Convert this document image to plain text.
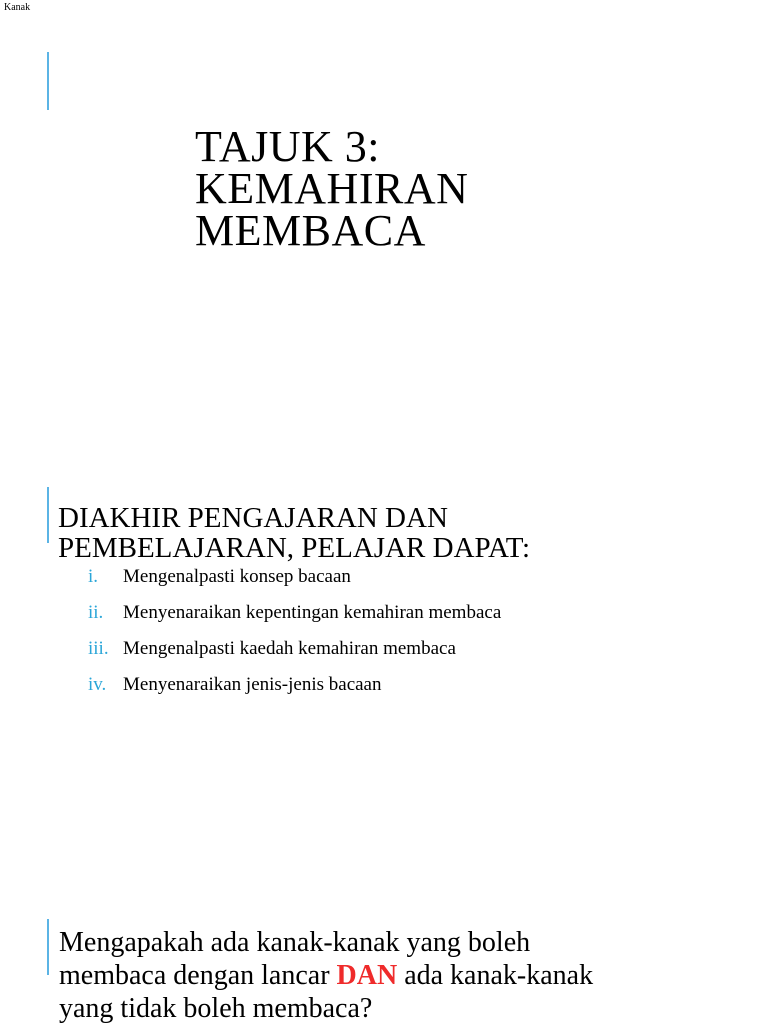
Kanak
TAJUK 3:
KEMAHIRAN
MEMBACA
DIAKHIR PENGAJARAN DAN
PEMBELAJARAN, PELAJAR DAPAT:
i. Mengenalpasti konsep bacaan
ii. Menyenaraikan kepentingan kemahiran membaca
iii. Mengenalpasti kaedah kemahiran membaca
iv. Menyenaraikan jenis-jenis bacaan
Mengapakah ada kanak-kanak yang boleh
membaca dengan lancar DAN ada kanak-kanak
yang tidak boleh membaca?
